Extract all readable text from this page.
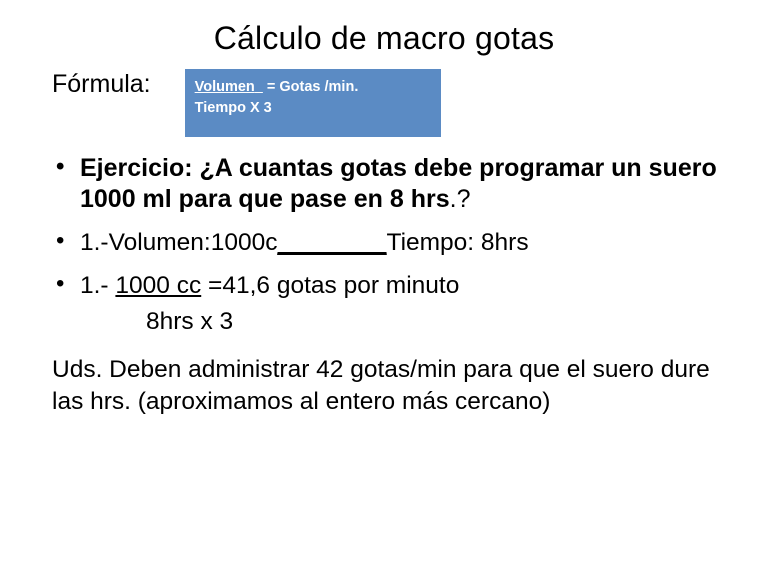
Cálculo de macro gotas
Fórmula:	Volumen = Gotas /min.
Tiempo X 3
• Ejercicio: ¿A cuantas gotas debe programar un suero 1000 ml para que pase en 8 hrs.?
• 1.-Volumen:1000c________Tiempo: 8hrs
• 1.- 1000 cc =41,6 gotas por minuto
8hrs x 3
Uds. Deben administrar 42 gotas/min para que el suero dure las hrs. (aproximamos al entero más cercano)
